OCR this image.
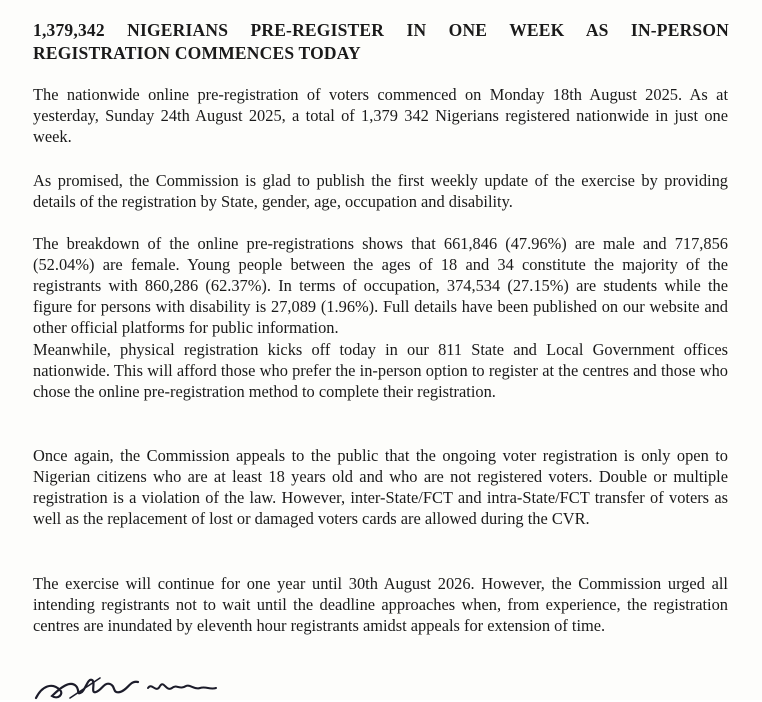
1,379,342 NIGERIANS PRE-REGISTER IN ONE WEEK AS IN-PERSON REGISTRATION COMMENCES TODAY

The nationwide online pre-registration of voters commenced on Monday 18th August 2025. As at yesterday, Sunday 24th August 2025, a total of 1,379 342 Nigerians registered nationwide in just one week.

As promised, the Commission is glad to publish the first weekly update of the exercise by providing details of the registration by State, gender, age, occupation and disability.

The breakdown of the online pre-registrations shows that 661,846 (47.96%) are male and 717,856 (52.04%) are female. Young people between the ages of 18 and 34 constitute the majority of the registrants with 860,286 (62.37%). In terms of occupation, 374,534 (27.15%) are students while the figure for persons with disability is 27,089 (1.96%). Full details have been published on our website and other official platforms for public information.

Meanwhile, physical registration kicks off today in our 811 State and Local Government offices nationwide. This will afford those who prefer the in-person option to register at the centres and those who chose the online pre-registration method to complete their registration.

Once again, the Commission appeals to the public that the ongoing voter registration is only open to Nigerian citizens who are at least 18 years old and who are not registered voters. Double or multiple registration is a violation of the law. However, inter-State/FCT and intra-State/FCT transfer of voters as well as the replacement of lost or damaged voters cards are allowed during the CVR.

The exercise will continue for one year until 30th August 2026. However, the Commission urged all intending registrants not to wait until the deadline approaches when, from experience, the registration centres are inundated by eleventh hour registrants amidst appeals for extension of time.
